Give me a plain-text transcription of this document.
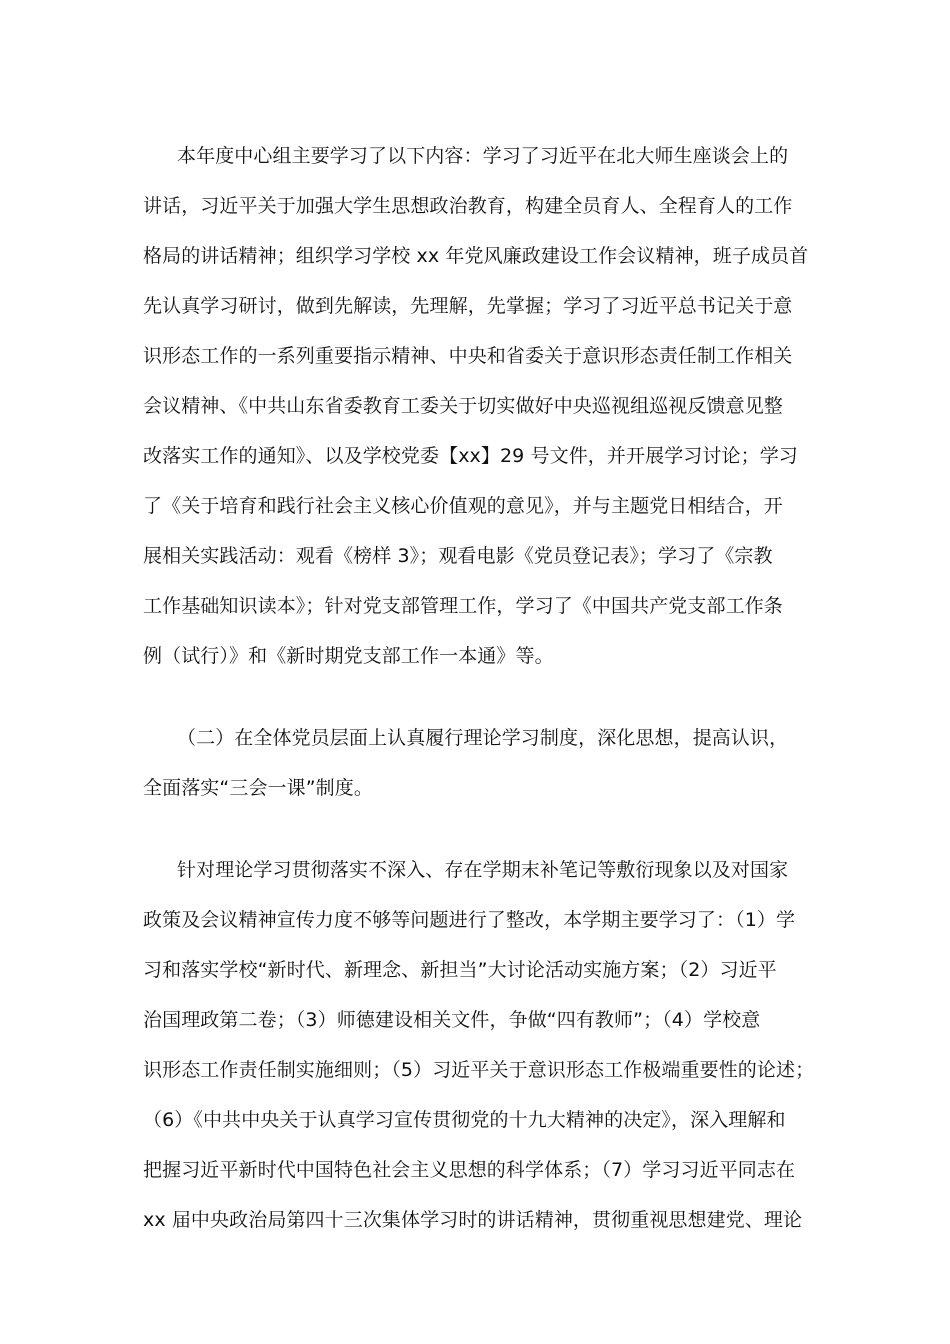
本年度中心组主要学习了以下内容：学习了习近平在北大师生座谈会上的
讲话，习近平关于加强大学生思想政治教育，构建全员育人、全程育人的工作
格局的讲话精神；组织学习学校 xx 年党风廉政建设工作会议精神，班子成员首
先认真学习研讨，做到先解读，先理解，先掌握；学习了习近平总书记关于意
识形态工作的一系列重要指示精神、中央和省委关于意识形态责任制工作相关
会议精神、《中共山东省委教育工委关于切实做好中央巡视组巡视反馈意见整
改落实工作的通知》、以及学校党委【xx】29 号文件，并开展学习讨论；学习
了《关于培育和践行社会主义核心价值观的意见》，并与主题党日相结合，开
展相关实践活动：观看《榜样 3》；观看电影《党员登记表》；学习了《宗教
工作基础知识读本》；针对党支部管理工作，学习了《中国共产党支部工作条
例（试行）》和《新时期党支部工作一本通》等。
（二）在全体党员层面上认真履行理论学习制度，深化思想，提高认识，
全面落实“三会一课”制度。
针对理论学习贯彻落实不深入、存在学期末补笔记等敷衍现象以及对国家
政策及会议精神宣传力度不够等问题进行了整改，本学期主要学习了：（1）学
习和落实学校“新时代、新理念、新担当”大讨论活动实施方案；（2）习近平
治国理政第二卷；（3）师德建设相关文件，争做“四有教师”；（4）学校意
识形态工作责任制实施细则；（5）习近平关于意识形态工作极端重要性的论述；
（6）《中共中央关于认真学习宣传贯彻党的十九大精神的决定》，深入理解和
把握习近平新时代中国特色社会主义思想的科学体系；（7）学习习近平同志在
xx 届中央政治局第四十三次集体学习时的讲话精神，贯彻重视思想建党、理论
